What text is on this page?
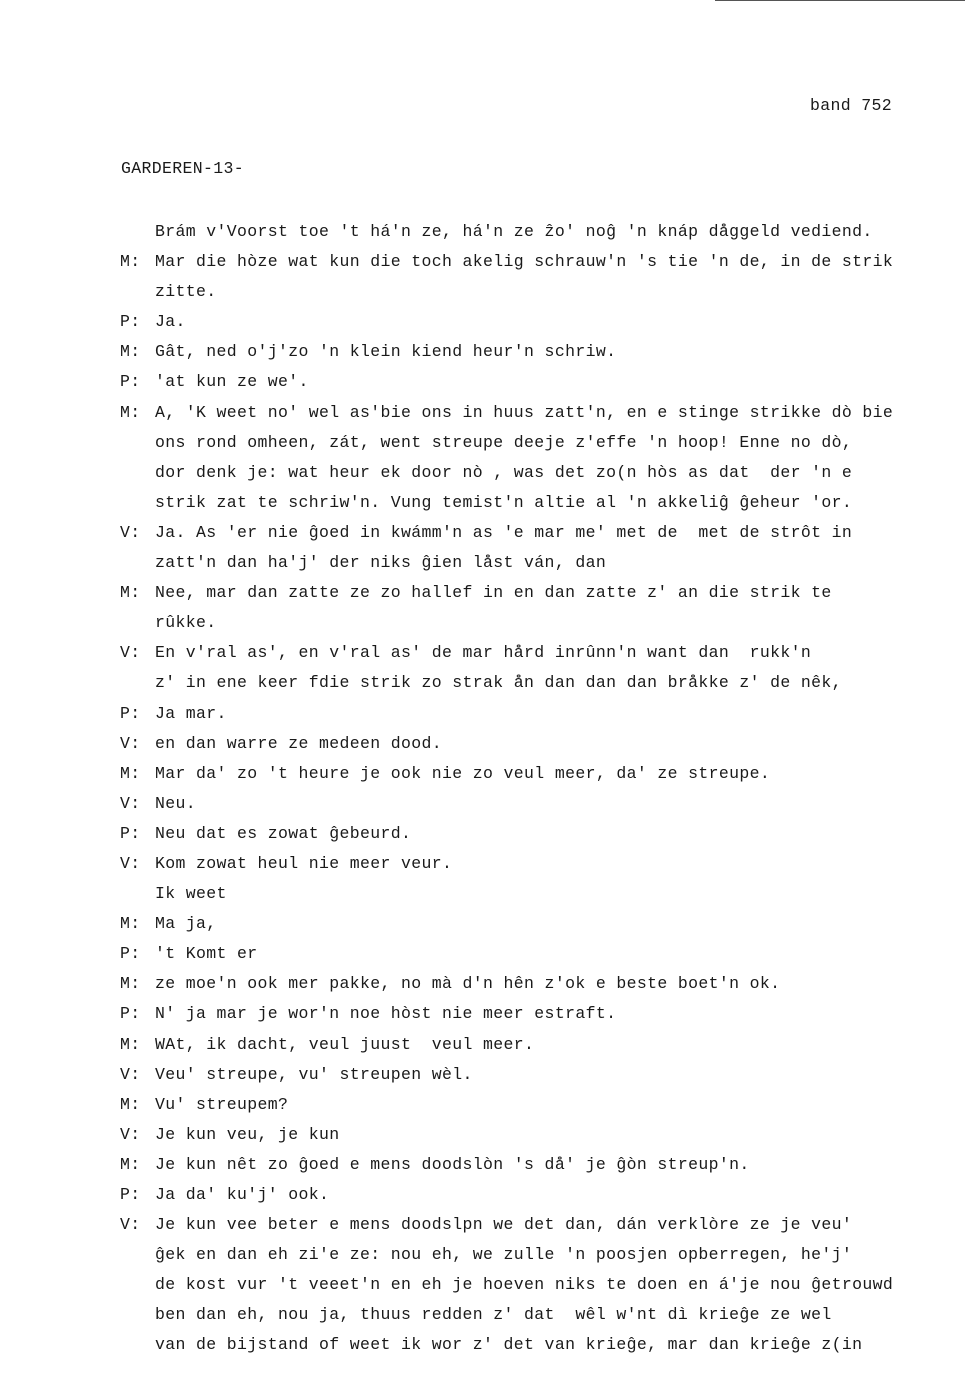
band 752
GARDEREN-13-
Brám v'Voorst toe 't há'n ze, há'n ze ẑo' noĝ 'n knáp dåggeld vediend.
M: Mar die hòze wat kun die toch akelig schrauw'n 's tie 'n de, in de strik
zitte.
P: Ja.
M: Gât, ned o'j'zo 'n klein kiend heur'n schriw.
P: 'at kun ze we'.
M: A, 'K weet no' wel as'bie ons in huus zatt'n, en e stinge strikke dò bie
ons rond omheen, zát, went streupe deeje z'effe 'n hoop! Enne no dò,
dor denk je: wat heur ek door nò , was det zo(n hòs as dat  der 'n e
strik zat te schriw'n. Vung temist'n altie al 'n akkeliĝ ĝeheur 'or.
V: Ja. As 'er nie ĝoed in kwámm'n as 'e mar me' met de  met de strôt in
zatt'n dan ha'j' der niks ĝien låst ván, dan
M: Nee, mar dan zatte ze zo hallef in en dan zatte z' an die strik te
rûkke.
V: En v'ral as', en v'ral as' de mar hård inrûnn'n want dan  rukk'n
z' in ene keer fdie strik zo strak ån dan dan dan bråkke z' de nêk,
P: Ja mar.
V: en dan warre ze medeen dood.
M: Mar da' zo 't heure je ook nie zo veul meer, da' ze streupe.
V: Neu.
P: Neu dat es zowat ĝebeurd.
V: Kom zowat heul nie meer veur.
Ik weet
M: Ma ja,
P: 't Komt er
M: ze moe'n ook mer pakke, no mà d'n hên z'ok e beste boet'n ok.
P: N' ja mar je wor'n noe hòst nie meer estraft.
M: WAt, ik dacht, veul juust  veul meer.
V: Veu' streupe, vu' streupen wèl.
M: Vu' streupem?
V: Je kun veu, je kun
M: Je kun nêt zo ĝoed e mens doodslòn 's då' je ĝòn streup'n.
P: Ja da' ku'j' ook.
V: Je kun vee beter e mens doodslpn we det dan, dán verklòre ze je veu'
ĝek en dan eh zi'e ze: nou eh, we zulle 'n poosjen opberregen, he'j'
de kost vur 't veeet'n en eh je hoeven niks te doen en á'je nou ĝetrouwd
ben dan eh, nou ja, thuus redden z' dat  wêl w'nt dì kriеĝe ze wel
van de bijstand of weet ik wor z' det van kriеĝe, mar dan kriеĝe z(in
